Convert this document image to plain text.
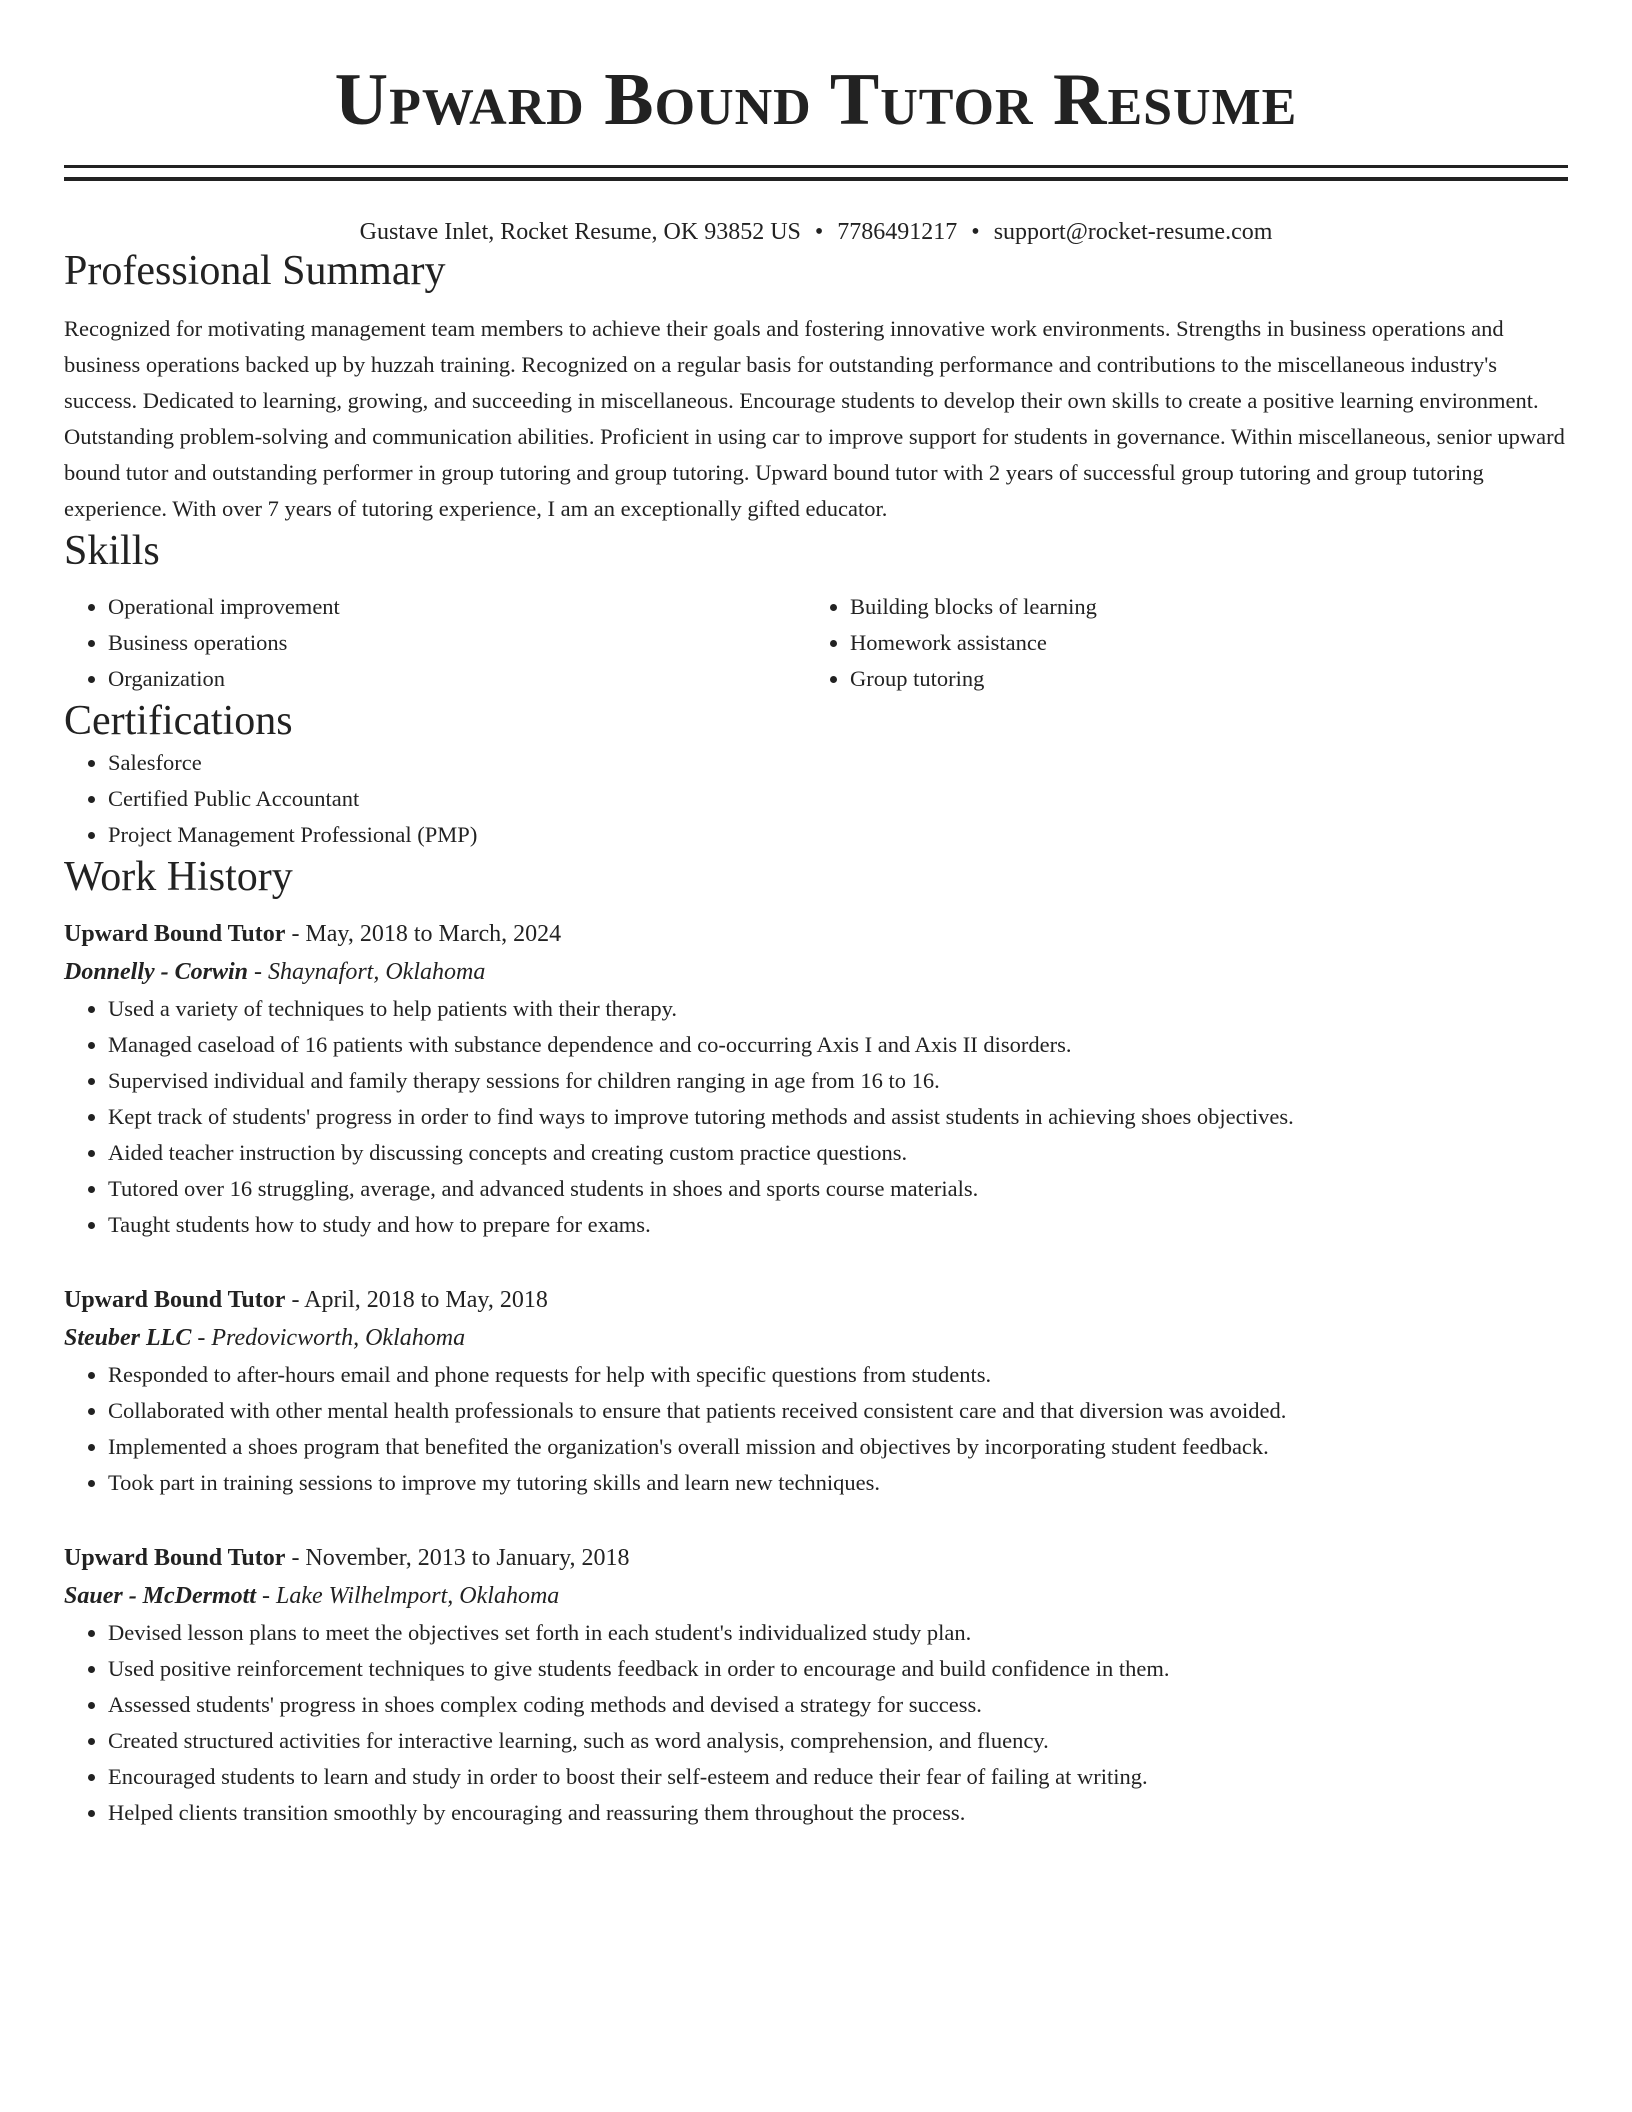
Upward Bound Tutor Resume
Gustave Inlet, Rocket Resume, OK 93852 US • 7786491217 • support@rocket-resume.com
Professional Summary

Recognized for motivating management team members to achieve their goals and fostering innovative work environments. Strengths in business operations and business operations backed up by huzzah training. Recognized on a regular basis for outstanding performance and contributions to the miscellaneous industry's success. Dedicated to learning, growing, and succeeding in miscellaneous. Encourage students to develop their own skills to create a positive learning environment. Outstanding problem-solving and communication abilities. Proficient in using car to improve support for students in governance. Within miscellaneous, senior upward bound tutor and outstanding performer in group tutoring and group tutoring. Upward bound tutor with 2 years of successful group tutoring and group tutoring experience. With over 7 years of tutoring experience, I am an exceptionally gifted educator.

Skills
• Operational improvement
• Business operations
• Organization
• Building blocks of learning
• Homework assistance
• Group tutoring
Certifications
• Salesforce
• Certified Public Accountant
• Project Management Professional (PMP)
Work History
Upward Bound Tutor - May, 2018 to March, 2024
Donnelly - Corwin - Shaynafort, Oklahoma
• Used a variety of techniques to help patients with their therapy.
• Managed caseload of 16 patients with substance dependence and co-occurring Axis I and Axis II disorders.
• Supervised individual and family therapy sessions for children ranging in age from 16 to 16.
• Kept track of students' progress in order to find ways to improve tutoring methods and assist students in achieving shoes objectives.
• Aided teacher instruction by discussing concepts and creating custom practice questions.
• Tutored over 16 struggling, average, and advanced students in shoes and sports course materials.
• Taught students how to study and how to prepare for exams.
Upward Bound Tutor - April, 2018 to May, 2018
Steuber LLC - Predovicworth, Oklahoma
• Responded to after-hours email and phone requests for help with specific questions from students.
• Collaborated with other mental health professionals to ensure that patients received consistent care and that diversion was avoided.
• Implemented a shoes program that benefited the organization's overall mission and objectives by incorporating student feedback.
• Took part in training sessions to improve my tutoring skills and learn new techniques.
Upward Bound Tutor - November, 2013 to January, 2018
Sauer - McDermott - Lake Wilhelmport, Oklahoma
• Devised lesson plans to meet the objectives set forth in each student's individualized study plan.
• Used positive reinforcement techniques to give students feedback in order to encourage and build confidence in them.
• Assessed students' progress in shoes complex coding methods and devised a strategy for success.
• Created structured activities for interactive learning, such as word analysis, comprehension, and fluency.
• Encouraged students to learn and study in order to boost their self-esteem and reduce their fear of failing at writing.
• Helped clients transition smoothly by encouraging and reassuring them throughout the process.
